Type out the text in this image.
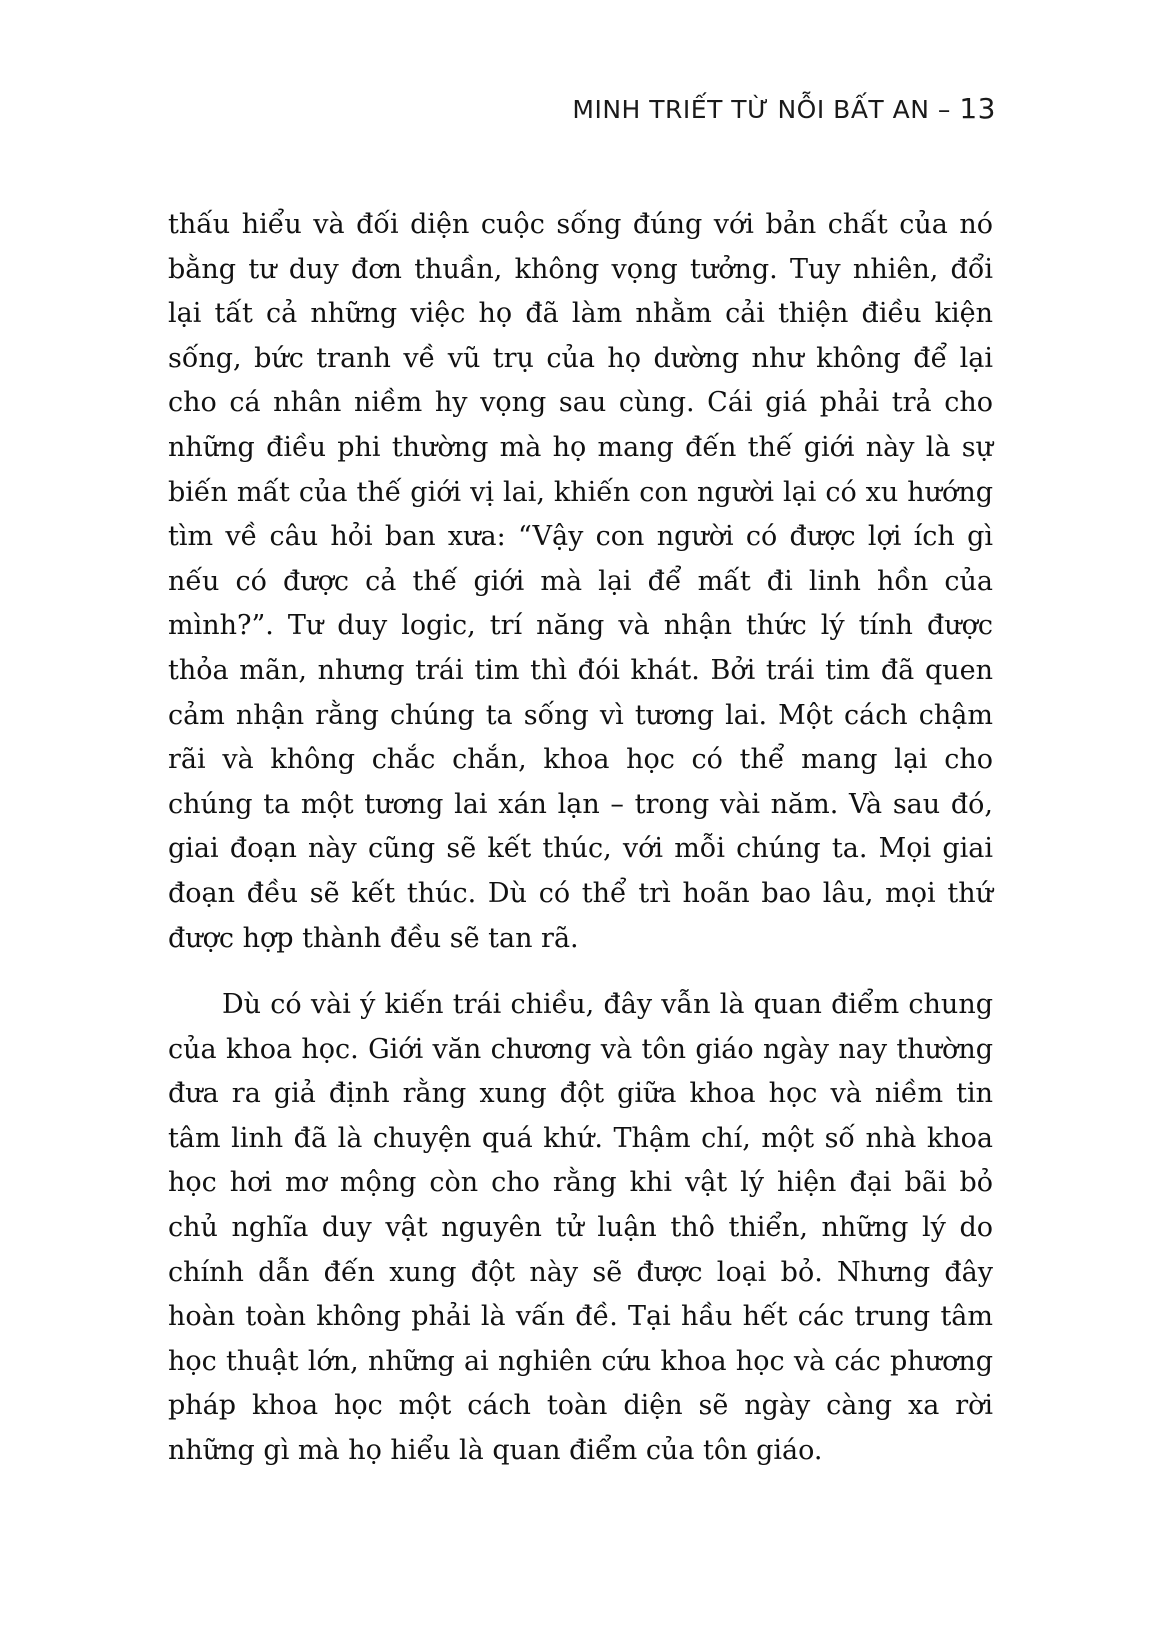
MINH TRIẾT TỪ NỖI BẤT AN – 13

thấu hiểu và đối diện cuộc sống đúng với bản chất của nó bằng tư duy đơn thuần, không vọng tưởng. Tuy nhiên, đổi lại tất cả những việc họ đã làm nhằm cải thiện điều kiện sống, bức tranh về vũ trụ của họ dường như không để lại cho cá nhân niềm hy vọng sau cùng. Cái giá phải trả cho những điều phi thường mà họ mang đến thế giới này là sự biến mất của thế giới vị lai, khiến con người lại có xu hướng tìm về câu hỏi ban xưa: “Vậy con người có được lợi ích gì nếu có được cả thế giới mà lại để mất đi linh hồn của mình?”. Tư duy logic, trí năng và nhận thức lý tính được thỏa mãn, nhưng trái tim thì đói khát. Bởi trái tim đã quen cảm nhận rằng chúng ta sống vì tương lai. Một cách chậm rãi và không chắc chắn, khoa học có thể mang lại cho chúng ta một tương lai xán lạn – trong vài năm. Và sau đó, giai đoạn này cũng sẽ kết thúc, với mỗi chúng ta. Mọi giai đoạn đều sẽ kết thúc. Dù có thể trì hoãn bao lâu, mọi thứ được hợp thành đều sẽ tan rã.

Dù có vài ý kiến trái chiều, đây vẫn là quan điểm chung của khoa học. Giới văn chương và tôn giáo ngày nay thường đưa ra giả định rằng xung đột giữa khoa học và niềm tin tâm linh đã là chuyện quá khứ. Thậm chí, một số nhà khoa học hơi mơ mộng còn cho rằng khi vật lý hiện đại bãi bỏ chủ nghĩa duy vật nguyên tử luận thô thiển, những lý do chính dẫn đến xung đột này sẽ được loại bỏ. Nhưng đây hoàn toàn không phải là vấn đề. Tại hầu hết các trung tâm học thuật lớn, những ai nghiên cứu khoa học và các phương pháp khoa học một cách toàn diện sẽ ngày càng xa rời những gì mà họ hiểu là quan điểm của tôn giáo.
